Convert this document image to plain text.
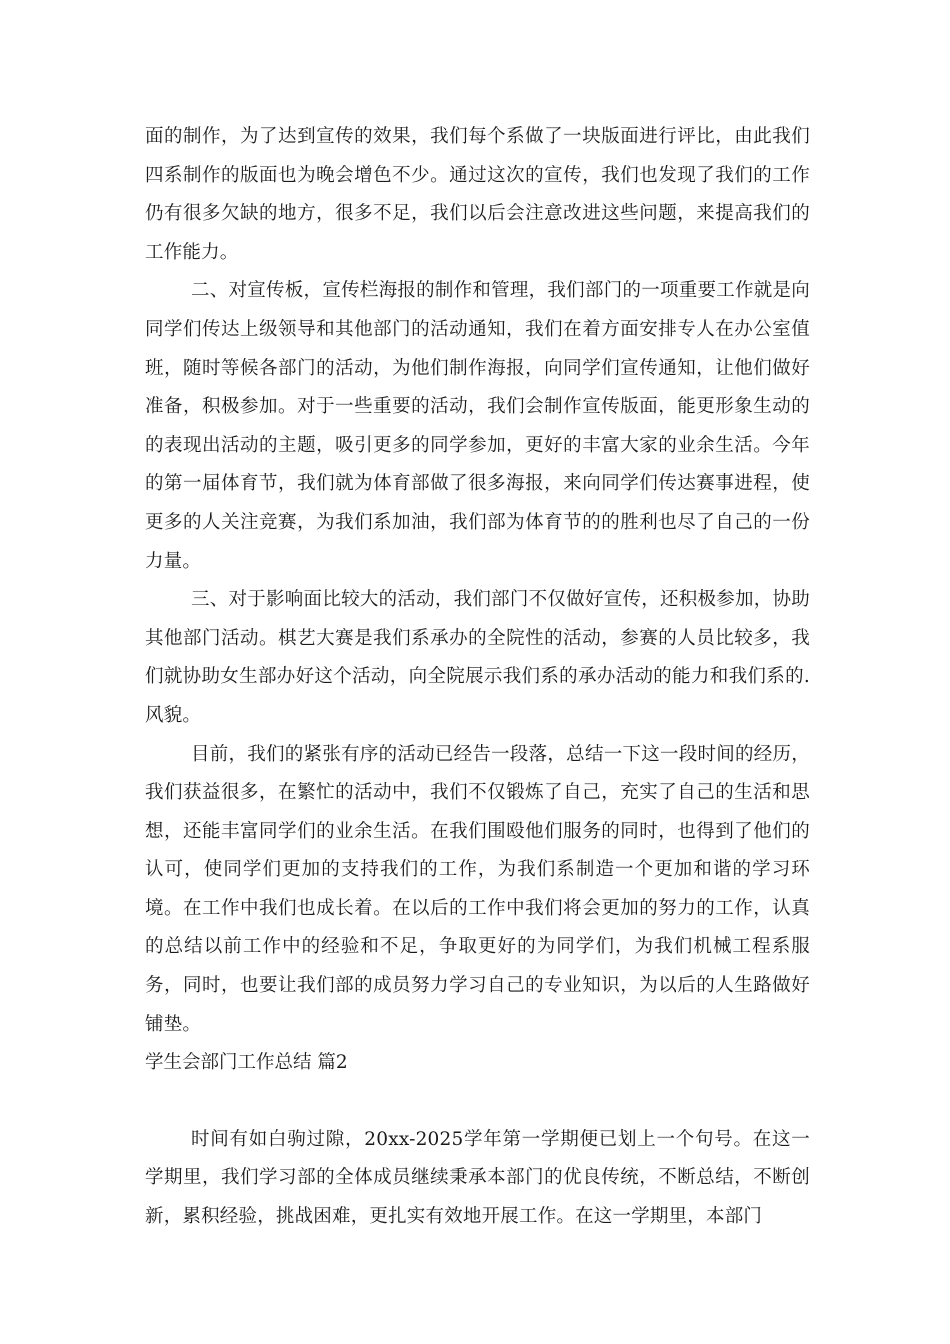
面的制作，为了达到宣传的效果，我们每个系做了一块版面进行评比，由此我们四系制作的版面也为晚会增色不少。通过这次的宣传，我们也发现了我们的工作仍有很多欠缺的地方，很多不足，我们以后会注意改进这些问题，来提高我们的工作能力。

二、对宣传板，宣传栏海报的制作和管理，我们部门的一项重要工作就是向同学们传达上级领导和其他部门的活动通知，我们在着方面安排专人在办公室值班，随时等候各部门的活动，为他们制作海报，向同学们宣传通知，让他们做好准备，积极参加。对于一些重要的活动，我们会制作宣传版面，能更形象生动的的表现出活动的主题，吸引更多的同学参加，更好的丰富大家的业余生活。今年的第一届体育节，我们就为体育部做了很多海报，来向同学们传达赛事进程，使更多的人关注竞赛，为我们系加油，我们部为体育节的的胜利也尽了自己的一份力量。

三、对于影响面比较大的活动，我们部门不仅做好宣传，还积极参加，协助其他部门活动。棋艺大赛是我们系承办的全院性的活动，参赛的人员比较多，我们就协助女生部办好这个活动，向全院展示我们系的承办活动的能力和我们系的.风貌。

目前，我们的紧张有序的活动已经告一段落，总结一下这一段时间的经历，我们获益很多，在繁忙的活动中，我们不仅锻炼了自己，充实了自己的生活和思想，还能丰富同学们的业余生活。在我们围殴他们服务的同时，也得到了他们的认可，使同学们更加的支持我们的工作，为我们系制造一个更加和谐的学习环境。在工作中我们也成长着。在以后的工作中我们将会更加的努力的工作，认真的总结以前工作中的经验和不足，争取更好的为同学们，为我们机械工程系服务，同时，也要让我们部的成员努力学习自己的专业知识，为以后的人生路做好铺垫。

学生会部门工作总结 篇2

时间有如白驹过隙，20xx-2025学年第一学期便已划上一个句号。在这一学期里，我们学习部的全体成员继续秉承本部门的优良传统，不断总结，不断创新，累积经验，挑战困难，更扎实有效地开展工作。在这一学期里，本部门
